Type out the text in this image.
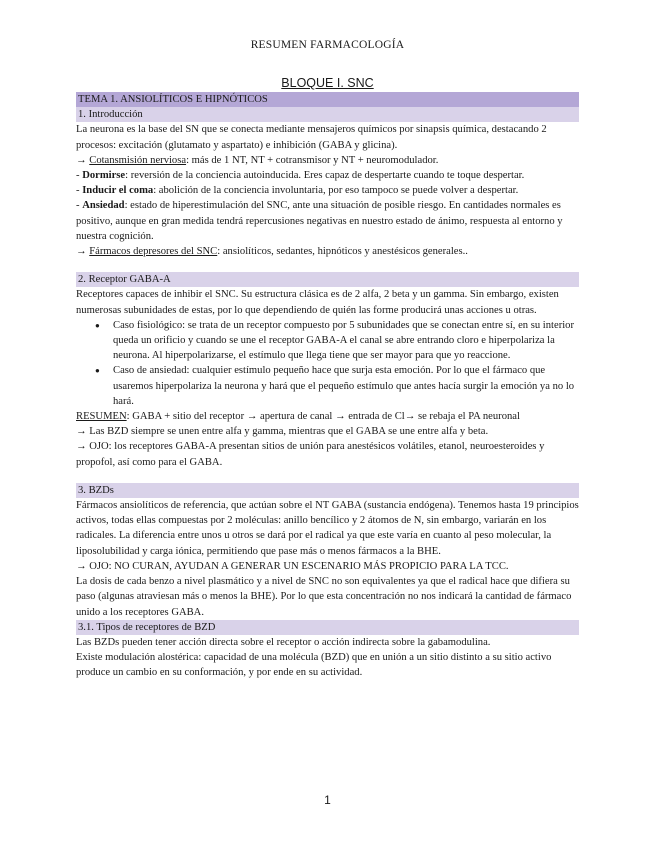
RESUMEN FARMACOLOGÍA
BLOQUE I. SNC
TEMA 1. ANSIOLÍTICOS E HIPNÓTICOS
1. Introducción

La neurona es la base del SN que se conecta mediante mensajeros químicos por sinapsis química, destacando 2 procesos: excitación (glutamato y aspartato) e inhibición (GABA y glicina).

→ Cotansmisión nerviosa: más de 1 NT, NT + cotransmisor y NT + neuromodulador.

- Dormirse: reversión de la conciencia autoinducida. Eres capaz de despertarte cuando te toque despertar.

- Inducir el coma: abolición de la conciencia involuntaria, por eso tampoco se puede volver a despertar.

- Ansiedad: estado de hiperestimulación del SNC, ante una situación de posible riesgo. En cantidades normales es positivo, aunque en gran medida tendrá repercusiones negativas en nuestro estado de ánimo, respuesta al entorno y nuestra cognición.

→ Fármacos depresores del SNC: ansiolíticos, sedantes, hipnóticos y anestésicos generales..

2. Receptor GABA-A

Receptores capaces de inhibir el SNC. Su estructura clásica es de 2 alfa, 2 beta y un gamma. Sin embargo, existen numerosas subunidades de estas, por lo que dependiendo de quién las forme producirá unas acciones u otras.

● Caso fisiológico: se trata de un receptor compuesto por 5 subunidades que se conectan entre sí, en su interior queda un orificio y cuando se une el receptor GABA-A el canal se abre entrando cloro e hiperpolariza la neurona. Al hiperpolarizarse, el estímulo que llega tiene que ser mayor para que yo reaccione.
● Caso de ansiedad: cualquier estímulo pequeño hace que surja esta emoción. Por lo que el fármaco que usaremos hiperpolariza la neurona y hará que el pequeño estímulo que antes hacía surgir la emoción ya no lo hará.

RESUMEN: GABA + sitio del receptor → apertura de canal → entrada de Cl→ se rebaja el PA neuronal

→ Las BZD siempre se unen entre alfa y gamma, mientras que el GABA se une entre alfa y beta.

→ OJO: los receptores GABA-A presentan sitios de unión para anestésicos volátiles, etanol, neuroesteroides y propofol, así como para el GABA.

3. BZDs

Fármacos ansiolíticos de referencia, que actúan sobre el NT GABA (sustancia endógena). Tenemos hasta 19 principios activos, todas ellas compuestas por 2 moléculas: anillo bencílico y 2 átomos de N, sin embargo, variarán en los radicales. La diferencia entre unos u otros se dará por el radical ya que este varía en cuanto al peso molecular, la liposolubilidad y carga iónica, permitiendo que pase más o menos fármacos a la BHE.

→ OJO: NO CURAN, AYUDAN A GENERAR UN ESCENARIO MÁS PROPICIO PARA LA TCC.

La dosis de cada benzo a nivel plasmático y a nivel de SNC no son equivalentes ya que el radical hace que difiera su paso (algunas atraviesan más o menos la BHE). Por lo que esta concentración no nos indicará la cantidad de fármaco unido a los receptores GABA.

3.1. Tipos de receptores de BZD

Las BZDs pueden tener acción directa sobre el receptor o acción indirecta sobre la gabamodulina.

Existe modulación alostérica: capacidad de una molécula (BZD) que en unión a un sitio distinto a su sitio activo produce un cambio en su conformación, y por ende en su actividad.

1
